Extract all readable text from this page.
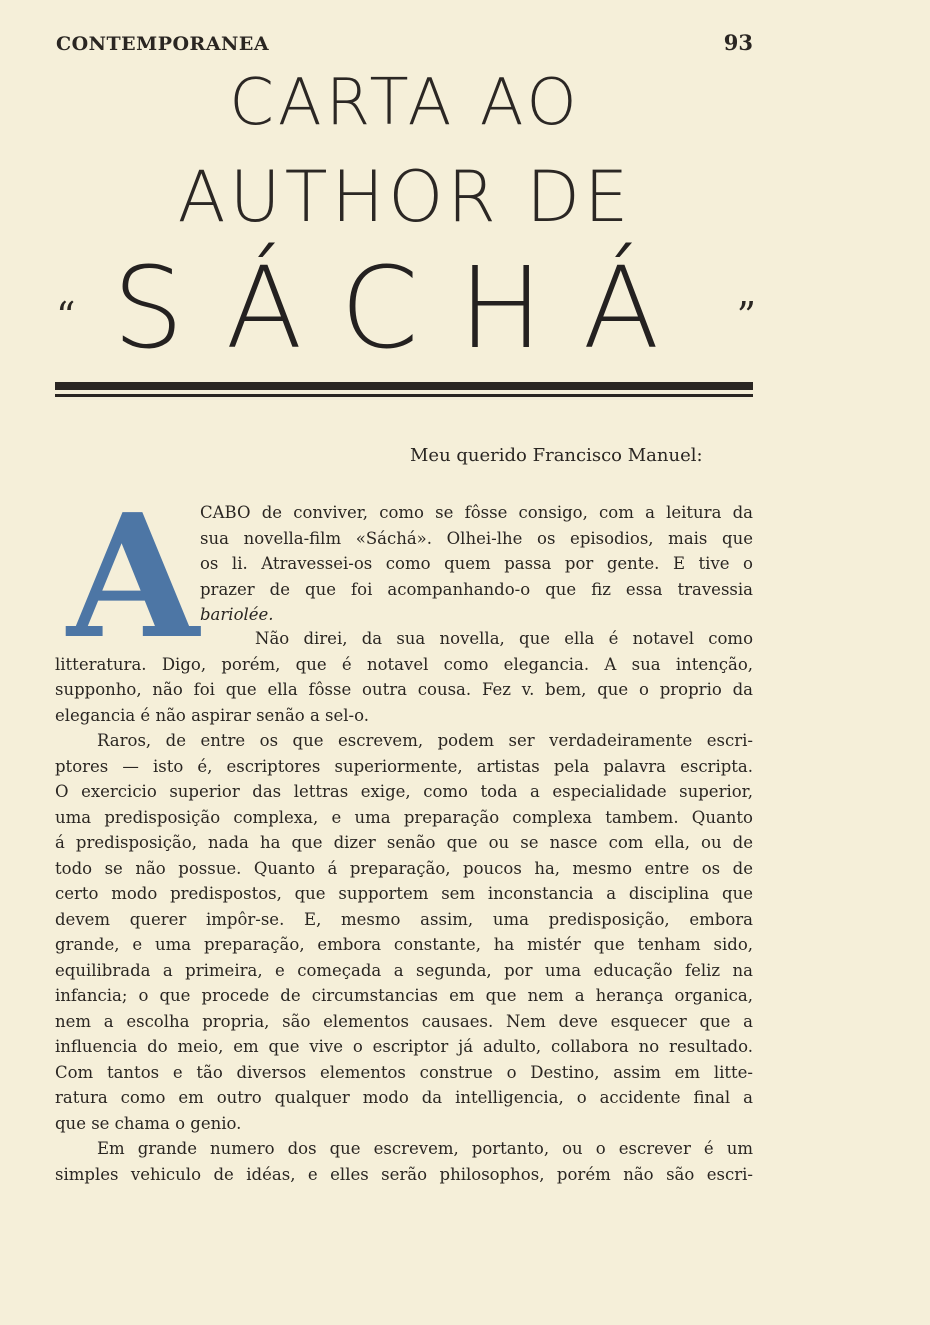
CONTEMPORANEA	93
CARTA AO
AUTHOR DE
“ SÁCHÁ ”
Meu querido Francisco Manuel:
A CABO de conviver, como se fôsse consigo, com a leitura da
sua novella-film «Sáchá». Olhei-lhe os episodios, mais que
os li. Atravessei-os como quem passa por gente. E tive o
prazer de que foi acompanhando-o que fiz essa travessia
bariolée.
Não direi, da sua novella, que ella é notavel como
litteratura. Digo, porém, que é notavel como elegancia. A sua intenção,
supponho, não foi que ella fôsse outra cousa. Fez v. bem, que o proprio da
elegancia é não aspirar senão a sel-o.
Raros, de entre os que escrevem, podem ser verdadeiramente escri-
ptores — isto é, escriptores superiormente, artistas pela palavra escripta.
O exercicio superior das lettras exige, como toda a especialidade superior,
uma predisposição complexa, e uma preparação complexa tambem. Quanto
á predisposição, nada ha que dizer senão que ou se nasce com ella, ou de
todo se não possue. Quanto á preparação, poucos ha, mesmo entre os de
certo modo predispostos, que supportem sem inconstancia a disciplina que
devem querer impôr-se. E, mesmo assim, uma predisposição, embora
grande, e uma preparação, embora constante, ha mistér que tenham sido,
equilibrada a primeira, e começada a segunda, por uma educação feliz na
infancia; o que procede de circumstancias em que nem a herança organica,
nem a escolha propria, são elementos causaes. Nem deve esquecer que a
influencia do meio, em que vive o escriptor já adulto, collabora no resultado.
Com tantos e tão diversos elementos construe o Destino, assim em litte-
ratura como em outro qualquer modo da intelligencia, o accidente final a
que se chama o genio.
Em grande numero dos que escrevem, portanto, ou o escrever é um
simples vehiculo de idéas, e elles serão philosophos, porém não são escri-
